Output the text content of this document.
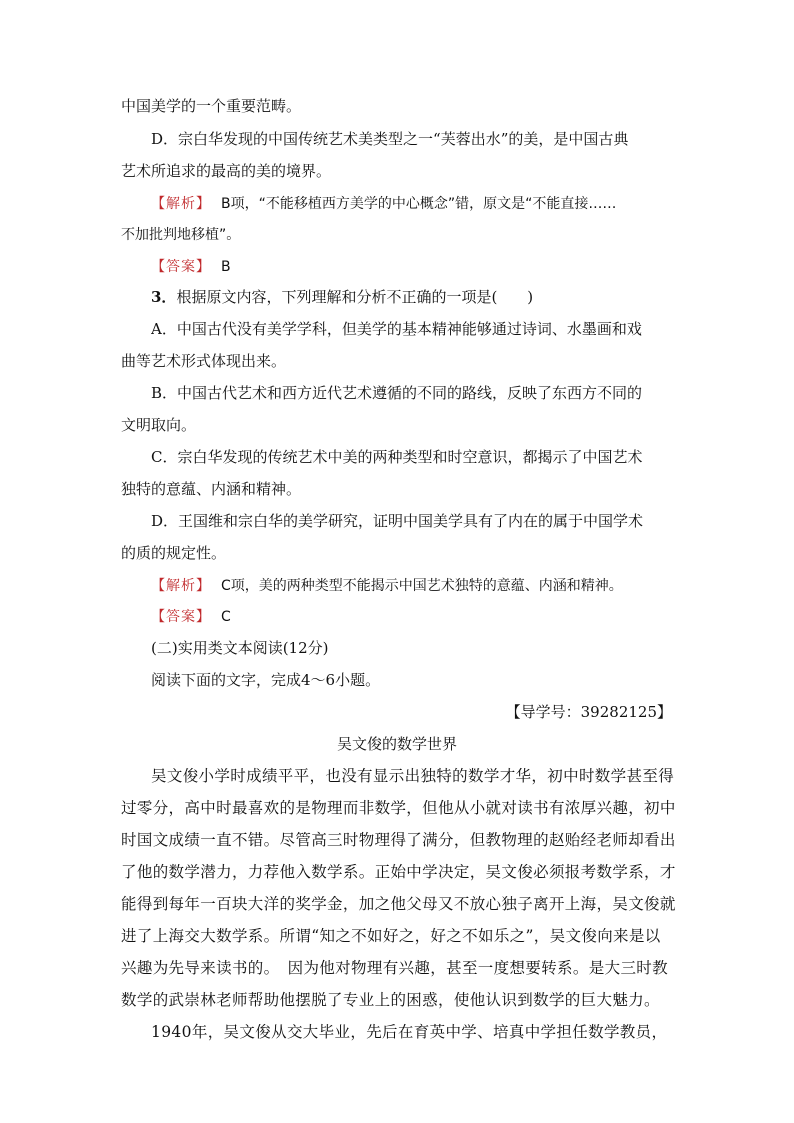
中国美学的一个重要范畴。
D．宗白华发现的中国传统艺术美类型之一“芙蓉出水”的美，是中国古典
艺术所追求的最高的美的境界。
【解析】 B项，“不能移植西方美学的中心概念”错，原文是“不能直接……
不加批判地移植”。
【答案】 B
3．根据原文内容，下列理解和分析不正确的一项是(　　)
A．中国古代没有美学学科，但美学的基本精神能够通过诗词、水墨画和戏
曲等艺术形式体现出来。
B．中国古代艺术和西方近代艺术遵循的不同的路线，反映了东西方不同的
文明取向。
C．宗白华发现的传统艺术中美的两种类型和时空意识，都揭示了中国艺术
独特的意蕴、内涵和精神。
D．王国维和宗白华的美学研究，证明中国美学具有了内在的属于中国学术
的质的规定性。
【解析】 C项，美的两种类型不能揭示中国艺术独特的意蕴、内涵和精神。
【答案】 C
(二)实用类文本阅读(12分)
阅读下面的文字，完成4～6小题。
【导学号：39282125】
吴文俊的数学世界
吴文俊小学时成绩平平，也没有显示出独特的数学才华，初中时数学甚至得
过零分，高中时最喜欢的是物理而非数学，但他从小就对读书有浓厚兴趣，初中
时国文成绩一直不错。尽管高三时物理得了满分，但教物理的赵贻经老师却看出
了他的数学潜力，力荐他入数学系。正始中学决定，吴文俊必须报考数学系，才
能得到每年一百块大洋的奖学金，加之他父母又不放心独子离开上海，吴文俊就
进了上海交大数学系。所谓“知之不如好之，好之不如乐之”，吴文俊向来是以
兴趣为先导来读书的。　因为他对物理有兴趣，甚至一度想要转系。是大三时教
数学的武崇林老师帮助他摆脱了专业上的困惑，使他认识到数学的巨大魅力。
1940年，吴文俊从交大毕业，先后在育英中学、培真中学担任数学教员，
